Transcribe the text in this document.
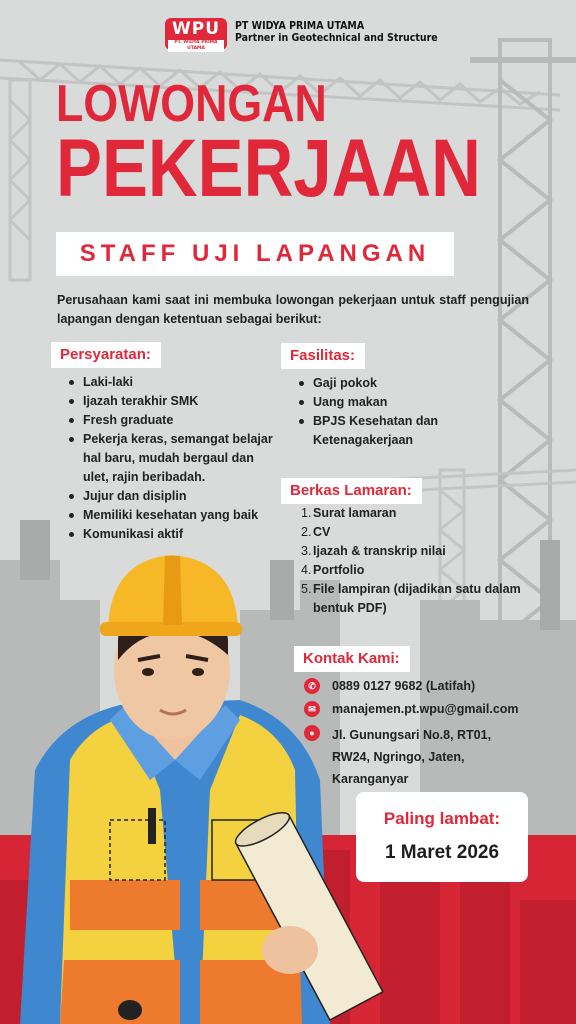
WPU
PT. WIDYA PRIMA UTAMA
PT WIDYA PRIMA UTAMA
Partner in Geotechnical and Structure
LOWONGAN
PEKERJAAN
STAFF UJI LAPANGAN
Perusahaan kami saat ini membuka lowongan pekerjaan untuk staff pengujian lapangan dengan ketentuan sebagai berikut:
Persyaratan:
Laki-laki
Ijazah terakhir SMK
Fresh graduate
Pekerja keras, semangat belajar hal baru, mudah bergaul dan ulet, rajin beribadah.
Jujur dan disiplin
Memiliki kesehatan yang baik
Komunikasi aktif
Fasilitas:
Gaji pokok
Uang makan
BPJS Kesehatan dan Ketenagakerjaan
Berkas Lamaran:
1. Surat lamaran
2. CV
3. Ijazah & transkrip nilai
4. Portfolio
5. File lampiran (dijadikan satu dalam bentuk PDF)
Kontak Kami:
✆	0889 0127 9682 (Latifah)
✉	manajemen.pt.wpu@gmail.com
●	Jl. Gunungsari No.8, RT01, RW24, Ngringo, Jaten, Karanganyar
Paling lambat:
1 Maret 2026
